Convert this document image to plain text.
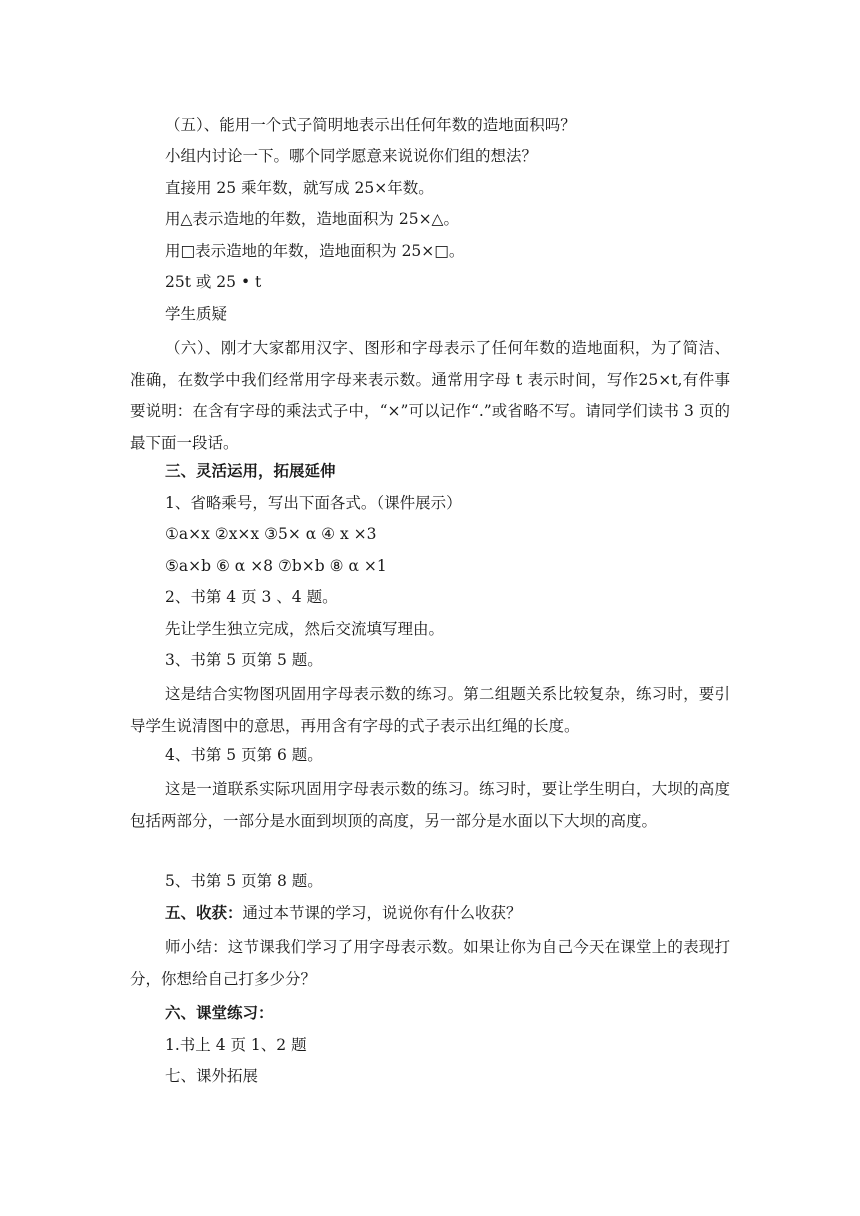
（五）、能用一个式子简明地表示出任何年数的造地面积吗？
小组内讨论一下。哪个同学愿意来说说你们组的想法？
直接用 25 乘年数，就写成 25×年数。
用△表示造地的年数，造地面积为 25×△。
用□表示造地的年数，造地面积为 25×□。
25t 或 25 • t
学生质疑
（六）、刚才大家都用汉字、图形和字母表示了任何年数的造地面积，为了简洁、准确，在数学中我们经常用字母来表示数。通常用字母 t 表示时间，写作25×t,有件事要说明：在含有字母的乘法式子中，“×”可以记作“.”或省略不写。请同学们读书 3 页的最下面一段话。
三、灵活运用，拓展延伸
1、省略乘号，写出下面各式。（课件展示）
①a×x ②x×x ③5× α ④ x ×3
⑤a×b ⑥ α ×8 ⑦b×b ⑧ α ×1
2、书第 4 页 3 、4 题。
先让学生独立完成，然后交流填写理由。
3、书第 5 页第 5 题。
这是结合实物图巩固用字母表示数的练习。第二组题关系比较复杂，练习时，要引导学生说清图中的意思，再用含有字母的式子表示出红绳的长度。
4、书第 5 页第 6 题。
这是一道联系实际巩固用字母表示数的练习。练习时，要让学生明白，大坝的高度包括两部分，一部分是水面到坝顶的高度，另一部分是水面以下大坝的高度。
5、书第 5 页第 8 题。
五、收获：通过本节课的学习，说说你有什么收获？
师小结：这节课我们学习了用字母表示数。如果让你为自己今天在课堂上的表现打分，你想给自己打多少分？
六、课堂练习：
1.书上 4 页 1、2 题
七、课外拓展
